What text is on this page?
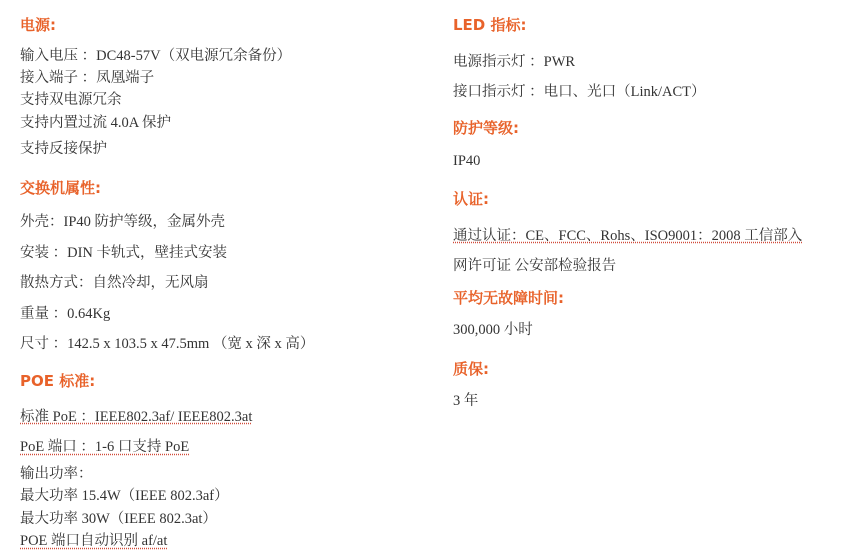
电源:
输入电压 ：DC48-57V（双电源冗余备份）
接入端子 ：凤凰端子
支持双电源冗余
支持内置过流 4.0A 保护
支持反接保护
交换机属性:
外壳：IP40 防护等级，金属外壳
安装 ：DIN 卡轨式，壁挂式安装
散热方式：自然冷却，无风扇
重量 ：0.64Kg
尺寸 ：142.5 x 103.5 x 47.5mm （宽 x 深 x 高）
POE 标准:
标准 PoE ：IEEE802.3af/ IEEE802.3at
PoE 端口 ：1-6 口支持 PoE
输出功率：
最大功率 15.4W（IEEE 802.3af）
最大功率 30W（IEEE 802.3at）
POE 端口自动识别 af/at
LED 指标:
电源指示灯 ：PWR
接口指示灯 ：电口、光口（Link/ACT）
防护等级:
IP40
认证:
通过认证：CE、FCC、Rohs、ISO9001：2008 工信部入
网许可证 公安部检验报告
平均无故障时间:
300,000 小时
质保:
3 年
